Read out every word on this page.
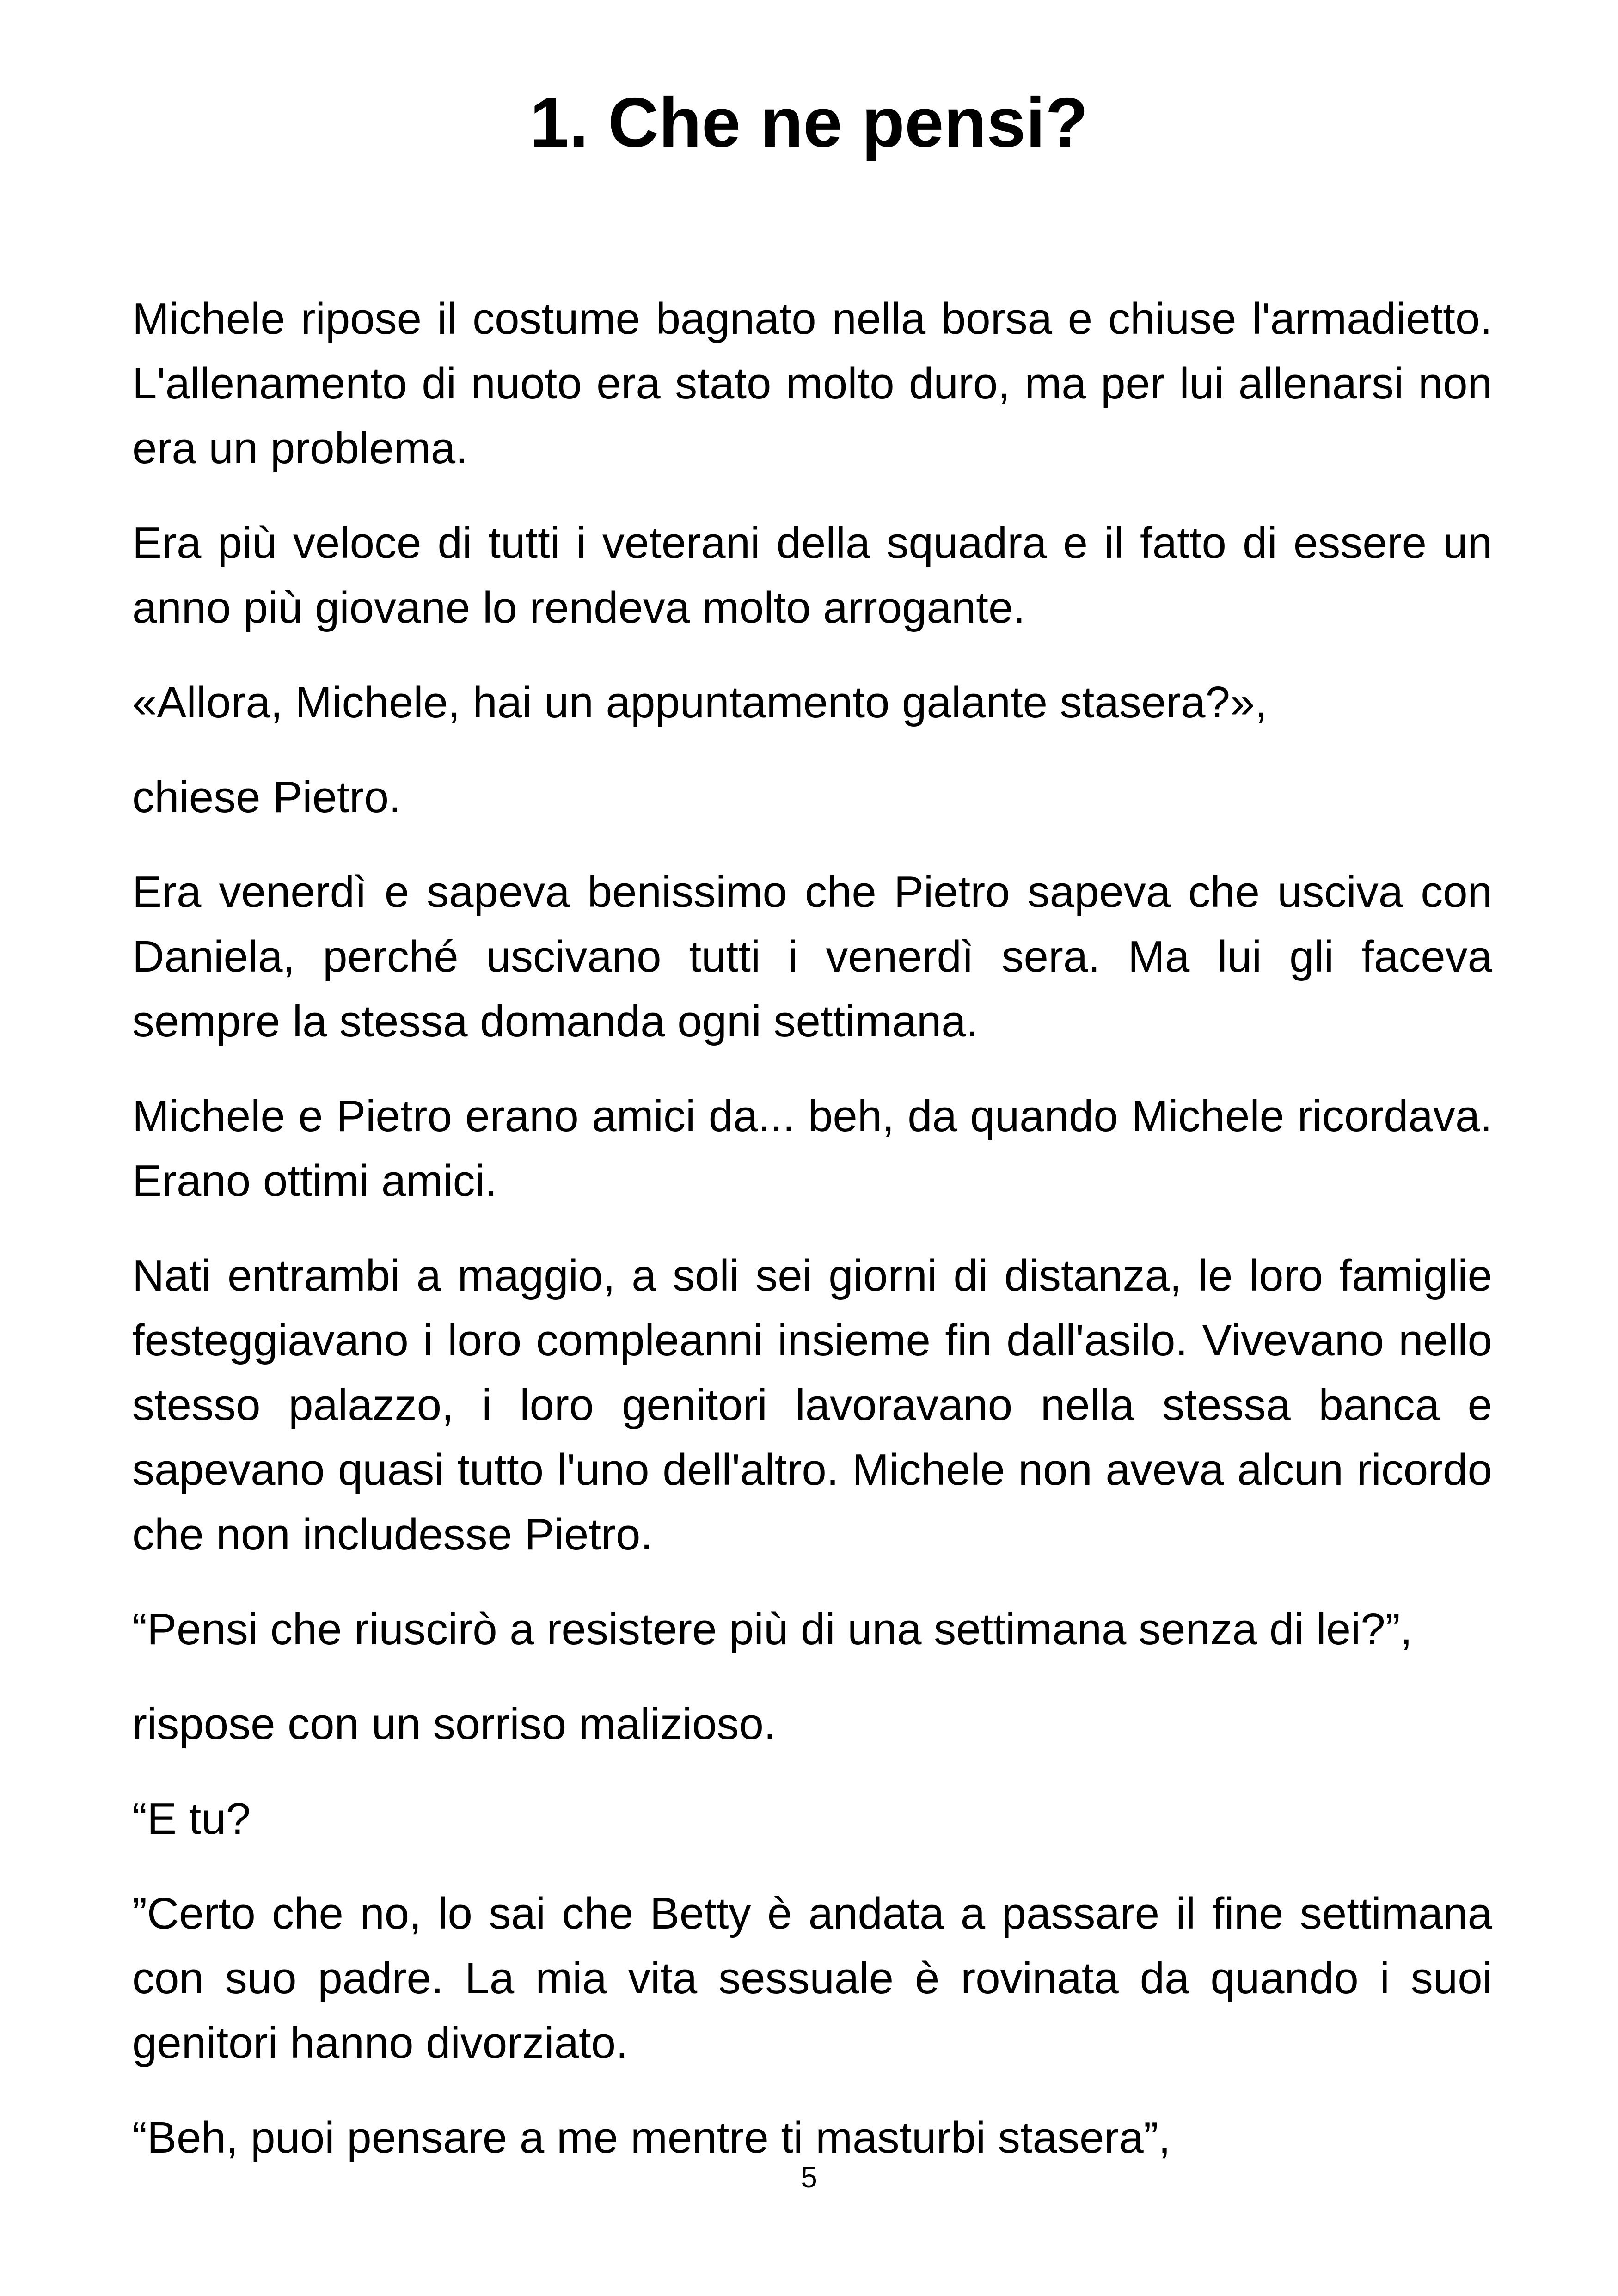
1. Che ne pensi?

Michele ripose il costume bagnato nella borsa e chiuse l'armadietto. L'allenamento di nuoto era stato molto duro, ma per lui allenarsi non era un problema.

Era più veloce di tutti i veterani della squadra e il fatto di essere un anno più giovane lo rendeva molto arrogante.

«Allora, Michele, hai un appuntamento galante stasera?»,

chiese Pietro.

Era venerdì e sapeva benissimo che Pietro sapeva che usciva con Daniela, perché uscivano tutti i venerdì sera. Ma lui gli faceva sempre la stessa domanda ogni settimana.

Michele e Pietro erano amici da... beh, da quando Michele ricordava. Erano ottimi amici.

Nati entrambi a maggio, a soli sei giorni di distanza, le loro famiglie festeggiavano i loro compleanni insieme fin dall'asilo. Vivevano nello stesso palazzo, i loro genitori lavoravano nella stessa banca e sapevano quasi tutto l'uno dell'altro. Michele non aveva alcun ricordo che non includesse Pietro.

“Pensi che riuscirò a resistere più di una settimana senza di lei?”,

rispose con un sorriso malizioso.

“E tu?

”Certo che no, lo sai che Betty è andata a passare il fine settimana con suo padre. La mia vita sessuale è rovinata da quando i suoi genitori hanno divorziato.

“Beh, puoi pensare a me mentre ti masturbi stasera”,

5
